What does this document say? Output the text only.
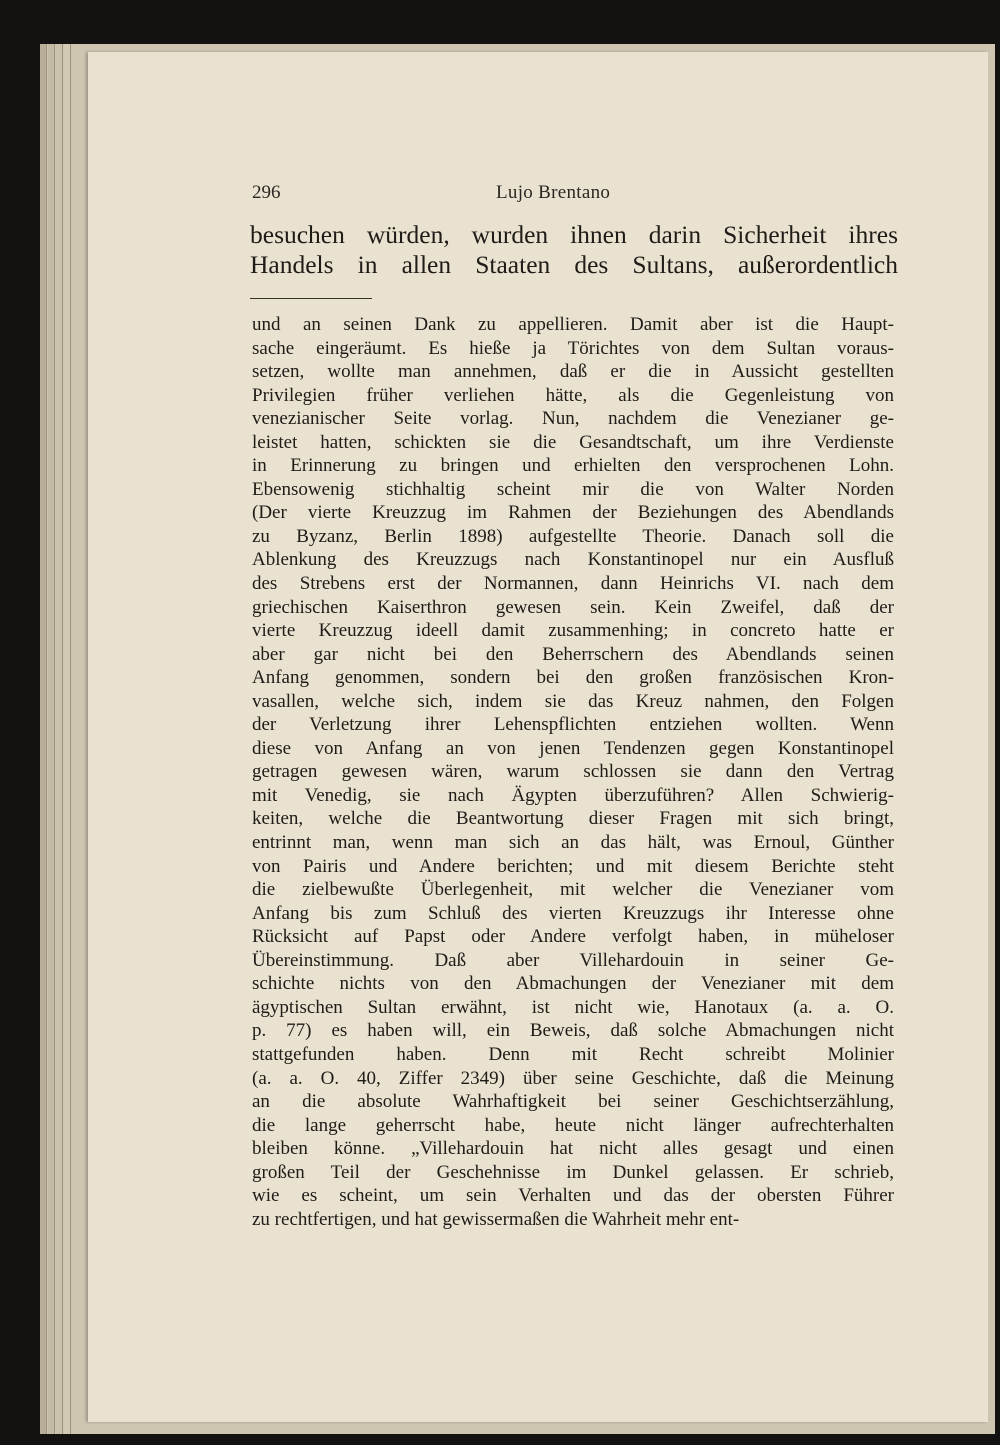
296	Lujo Brentano
besuchen würden, wurden ihnen darin Sicherheit ihres
Handels in allen Staaten des Sultans, außerordentlich
und an seinen Dank zu appellieren. Damit aber ist die Haupt-
sache eingeräumt. Es hieße ja Törichtes von dem Sultan voraus-
setzen, wollte man annehmen, daß er die in Aussicht gestellten
Privilegien früher verliehen hätte, als die Gegenleistung von
venezianischer Seite vorlag. Nun, nachdem die Venezianer ge-
leistet hatten, schickten sie die Gesandtschaft, um ihre Verdienste
in Erinnerung zu bringen und erhielten den versprochenen Lohn.
Ebensowenig stichhaltig scheint mir die von Walter Norden
(Der vierte Kreuzzug im Rahmen der Beziehungen des Abendlands
zu Byzanz, Berlin 1898) aufgestellte Theorie. Danach soll die
Ablenkung des Kreuzzugs nach Konstantinopel nur ein Ausfluß
des Strebens erst der Normannen, dann Heinrichs VI. nach dem
griechischen Kaiserthron gewesen sein. Kein Zweifel, daß der
vierte Kreuzzug ideell damit zusammenhing; in concreto hatte er
aber gar nicht bei den Beherrschern des Abendlands seinen
Anfang genommen, sondern bei den großen französischen Kron-
vasallen, welche sich, indem sie das Kreuz nahmen, den Folgen
der Verletzung ihrer Lehenspflichten entziehen wollten. Wenn
diese von Anfang an von jenen Tendenzen gegen Konstantinopel
getragen gewesen wären, warum schlossen sie dann den Vertrag
mit Venedig, sie nach Ägypten überzuführen? Allen Schwierig-
keiten, welche die Beantwortung dieser Fragen mit sich bringt,
entrinnt man, wenn man sich an das hält, was Ernoul, Günther
von Pairis und Andere berichten; und mit diesem Berichte steht
die zielbewußte Überlegenheit, mit welcher die Venezianer vom
Anfang bis zum Schluß des vierten Kreuzzugs ihr Interesse ohne
Rücksicht auf Papst oder Andere verfolgt haben, in müheloser
Übereinstimmung. Daß aber Villehardouin in seiner Ge-
schichte nichts von den Abmachungen der Venezianer mit dem
ägyptischen Sultan erwähnt, ist nicht wie, Hanotaux (a. a. O.
p. 77) es haben will, ein Beweis, daß solche Abmachungen nicht
stattgefunden haben. Denn mit Recht schreibt Molinier
(a. a. O. 40, Ziffer 2349) über seine Geschichte, daß die Meinung
an die absolute Wahrhaftigkeit bei seiner Geschichtserzählung,
die lange geherrscht habe, heute nicht länger aufrechterhalten
bleiben könne. „Villehardouin hat nicht alles gesagt und einen
großen Teil der Geschehnisse im Dunkel gelassen. Er schrieb,
wie es scheint, um sein Verhalten und das der obersten Führer
zu rechtfertigen, und hat gewissermaßen die Wahrheit mehr ent-
